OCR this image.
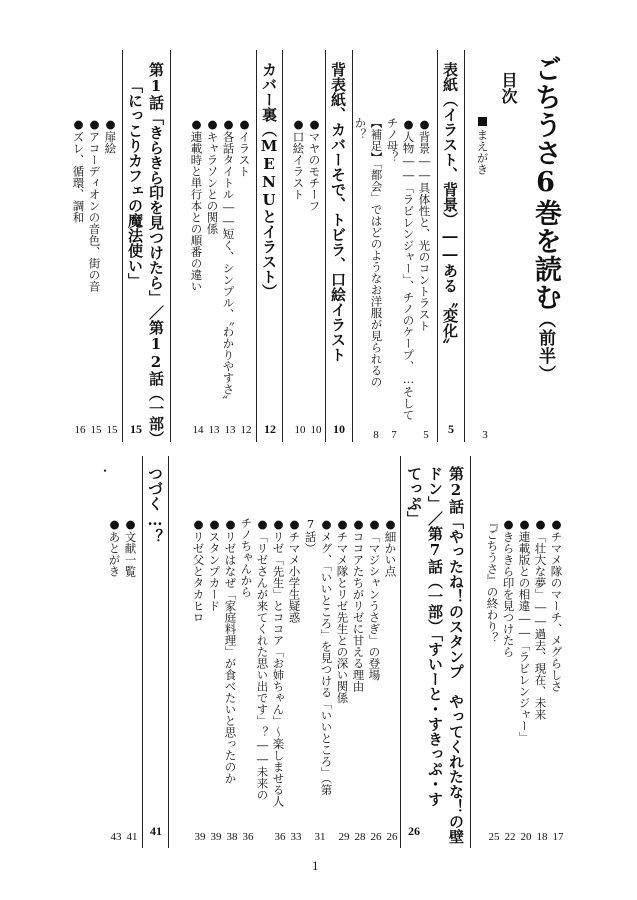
ごちうさ6巻を読む（前半）
目次
まえがき
3
表紙（イラスト、背景）――ある〝変化〟
5
●背景――具体性と、光のコントラスト
5
●人物――「ラビレンジャー」、チノのケープ、…そして
チノ母？
7
【補足】「都会」ではどのようなお洋服が見られるの
か？
8
背表紙、カバーそで、トビラ、口絵イラスト
10
●マヤのモチーフ
10
●口絵イラスト
10
カバー裏（MENUとイラスト）
12
●イラスト
12
●各話タイトル――短く、シンプル、〝わかりやすさ〟
13
●キャラソンとの関係
13
●連載時と単行本との順番の違い
14
第1話「きらきら印を見つけたら」／第12話（一部）
「にっこりカフェの魔法使い」
15
●扉絵
15
●アコーディオンの音色、街の音
15
●ズレ、循環、調和
16
・
●チマメ隊のマーチ、メグらしさ
17
●「壮大な夢」――過去、現在、未来
18
●連載版との相違――「ラビレンジャー」
20
●きらきら印を見つけたら
22
『ごちうさ』の終わり？
25
第2話「やったね！のスタンプ　やってくれたな！の壁
ドン」／第7話（一部）「すいーと・すきっぷ・す
てっぷ」
26
●細かい点
26
●「マジシャンうさぎ」の登場
26
●ココアたちがリゼに甘える理由
28
●チマメ隊とリゼ先生との深い関係
29
●メグ、「いいところ」を見つける「いいところ」（第
7話）
31
●チマメ小学生疑惑
33
●リゼ「先生」とココア「お姉ちゃん」～楽しませる人
36
●「リゼさんが来てくれた思い出です」？――未来の
チノちゃんから
36
●リゼはなぜ「家庭料理」が食べたいと思ったのか
38
●スタンプカード
39
●リゼ父とタカヒロ
39
つづく…？
41
●文献一覧
41
●あとがき
43
1
